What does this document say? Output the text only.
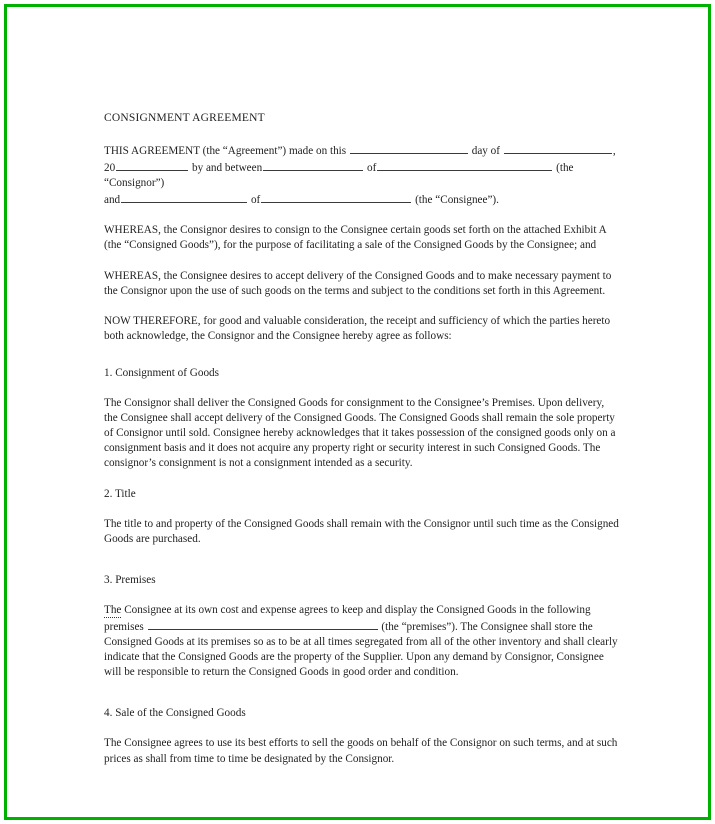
CONSIGNMENT AGREEMENT

THIS AGREEMENT (the “Agreement”) made on this	day of	,
20	by and between	of	(the “Consignor”)
and	of	(the “Consignee”).

WHEREAS, the Consignor desires to consign to the Consignee certain goods set forth on the attached Exhibit A (the “Consigned Goods”), for the purpose of facilitating a sale of the Consigned Goods by the Consignee; and

WHEREAS, the Consignee desires to accept delivery of the Consigned Goods and to make necessary payment to the Consignor upon the use of such goods on the terms and subject to the conditions set forth in this Agreement.

NOW THEREFORE, for good and valuable consideration, the receipt and sufficiency of which the parties hereto both acknowledge, the Consignor and the Consignee hereby agree as follows:

1. Consignment of Goods

The Consignor shall deliver the Consigned Goods for consignment to the Consignee’s Premises. Upon delivery, the Consignee shall accept delivery of the Consigned Goods. The Consigned Goods shall remain the sole property of Consignor until sold. Consignee hereby acknowledges that it takes possession of the consigned goods only on a consignment basis and it does not acquire any property right or security interest in such Consigned Goods. The consignor’s consignment is not a consignment intended as a security.

2. Title

The title to and property of the Consigned Goods shall remain with the Consignor until such time as the Consigned Goods are purchased.

3. Premises

The Consignee at its own cost and expense agrees to keep and display the Consigned Goods in the following premises	(the “premises”). The Consignee shall store the Consigned Goods at its premises so as to be at all times segregated from all of the other inventory and shall clearly indicate that the Consigned Goods are the property of the Supplier. Upon any demand by Consignor, Consignee will be responsible to return the Consigned Goods in good order and condition.

4. Sale of the Consigned Goods

The Consignee agrees to use its best efforts to sell the goods on behalf of the Consignor on such terms, and at such prices as shall from time to time be designated by the Consignor.
